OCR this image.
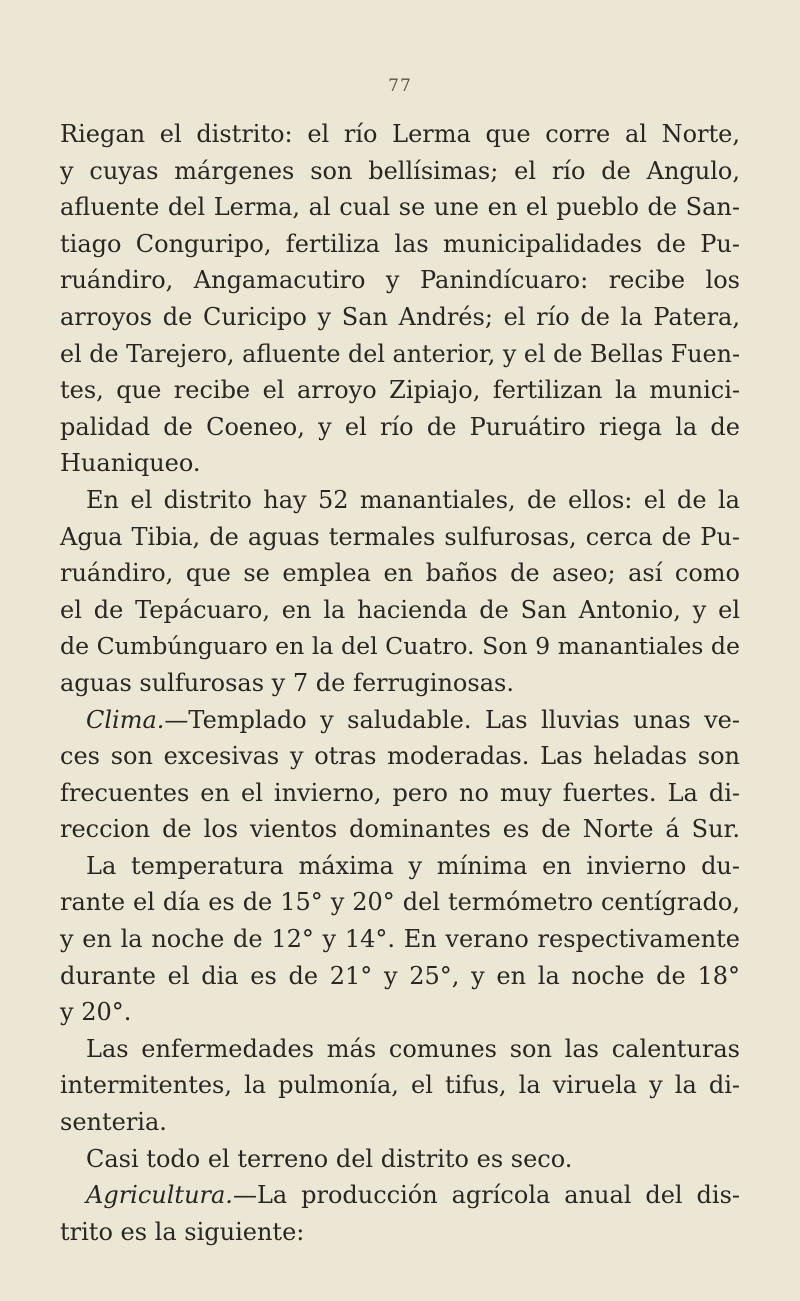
77
Riegan el distrito: el río Lerma que corre al Norte,
y cuyas márgenes son bellísimas; el río de Angulo,
afluente del Lerma, al cual se une en el pueblo de San-
tiago Conguripo, fertiliza las municipalidades de Pu-
ruándiro, Angamacutiro y Panindícuaro: recibe los
arroyos de Curicipo y San Andrés; el río de la Patera,
el de Tarejero, afluente del anterior, y el de Bellas Fuen-
tes, que recibe el arroyo Zipiajo, fertilizan la munici-
palidad de Coeneo, y el río de Puruátiro riega la de
Huaniqueo.
En el distrito hay 52 manantiales, de ellos: el de la
Agua Tibia, de aguas termales sulfurosas, cerca de Pu-
ruándiro, que se emplea en baños de aseo; así como
el de Tepácuaro, en la hacienda de San Antonio, y el
de Cumbúnguaro en la del Cuatro. Son 9 manantiales de
aguas sulfurosas y 7 de ferruginosas.
Clima.—Templado y saludable. Las lluvias unas ve-
ces son excesivas y otras moderadas. Las heladas son
frecuentes en el invierno, pero no muy fuertes. La di-
reccion de los vientos dominantes es de Norte á Sur.
La temperatura máxima y mínima en invierno du-
rante el día es de 15° y 20° del termómetro centígrado,
y en la noche de 12° y 14°. En verano respectivamente
durante el dia es de 21° y 25°, y en la noche de 18°
y 20°.
Las enfermedades más comunes son las calenturas
intermitentes, la pulmonía, el tifus, la viruela y la di-
senteria.
Casi todo el terreno del distrito es seco.
Agricultura.—La producción agrícola anual del dis-
trito es la siguiente:
